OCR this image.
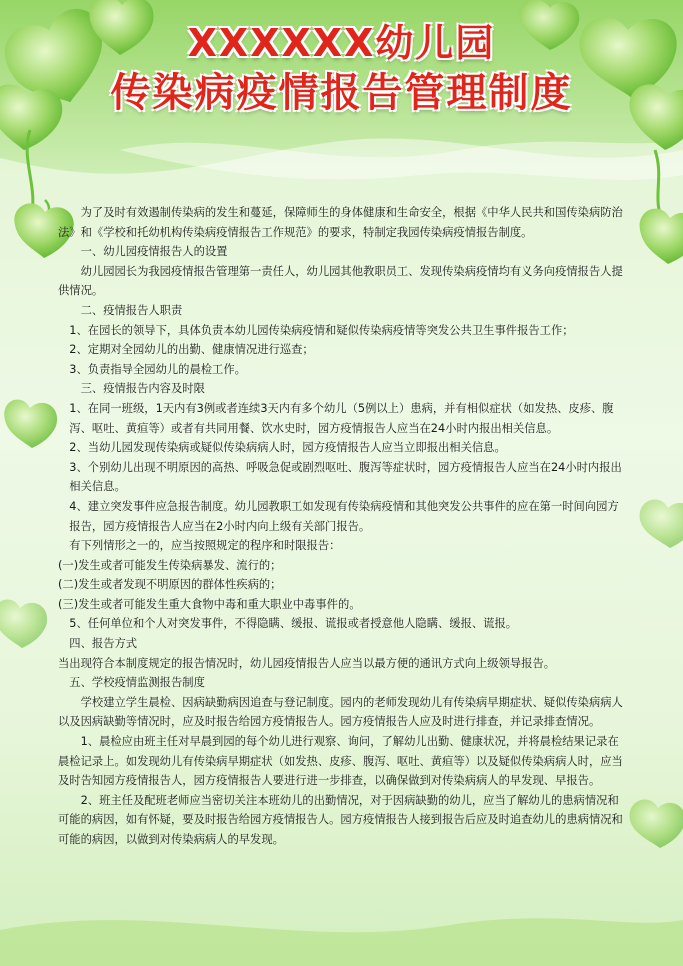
XXXXXX幼儿园
传染病疫情报告管理制度

为了及时有效遏制传染病的发生和蔓延，保障师生的身体健康和生命安全，根据《中华人民共和国传染病防治法》和《学校和托幼机构传染病疫情报告工作规范》的要求，特制定我园传染病疫情报告制度。

一、幼儿园疫情报告人的设置

幼儿园园长为我园疫情报告管理第一责任人，幼儿园其他教职员工、发现传染病疫情均有义务向疫情报告人提供情况。

二、疫情报告人职责

1、在园长的领导下，具体负责本幼儿园传染病疫情和疑似传染病疫情等突发公共卫生事件报告工作；

2、定期对全园幼儿的出勤、健康情况进行巡查；

3、负责指导全园幼儿的晨检工作。

三、疫情报告内容及时限

1、在同一班级，1天内有3例或者连续3天内有多个幼儿（5例以上）患病，并有相似症状（如发热、皮疹、腹泻、呕吐、黄疸等）或者有共同用餐、饮水史时，园方疫情报告人应当在24小时内报出相关信息。

2、当幼儿园发现传染病或疑似传染病病人时，园方疫情报告人应当立即报出相关信息。

3、个别幼儿出现不明原因的高热、呼吸急促或剧烈呕吐、腹泻等症状时，园方疫情报告人应当在24小时内报出相关信息。

4、建立突发事件应急报告制度。幼儿园教职工如发现有传染病疫情和其他突发公共事件的应在第一时间向园方报告，园方疫情报告人应当在2小时内向上级有关部门报告。

有下列情形之一的，应当按照规定的程序和时限报告：

(一)发生或者可能发生传染病暴发、流行的；

(二)发生或者发现不明原因的群体性疾病的；

(三)发生或者可能发生重大食物中毒和重大职业中毒事件的。

5、任何单位和个人对突发事件，不得隐瞒、缓报、谎报或者授意他人隐瞒、缓报、谎报。

四、报告方式

当出现符合本制度规定的报告情况时，幼儿园疫情报告人应当以最方便的通讯方式向上级领导报告。

五、学校疫情监测报告制度

学校建立学生晨检、因病缺勤病因追查与登记制度。园内的老师发现幼儿有传染病早期症状、疑似传染病病人以及因病缺勤等情况时，应及时报告给园方疫情报告人。园方疫情报告人应及时进行排查，并记录排查情况。

1、晨检应由班主任对早晨到园的每个幼儿进行观察、询问，了解幼儿出勤、健康状况，并将晨检结果记录在晨检记录上。如发现幼儿有传染病早期症状（如发热、皮疹、腹泻、呕吐、黄疸等）以及疑似传染病病人时，应当及时告知园方疫情报告人，园方疫情报告人要进行进一步排查，以确保做到对传染病病人的早发现、早报告。

2、班主任及配班老师应当密切关注本班幼儿的出勤情况，对于因病缺勤的幼儿，应当了解幼儿的患病情况和可能的病因，如有怀疑，要及时报告给园方疫情报告人。园方疫情报告人接到报告后应及时追查幼儿的患病情况和可能的病因，以做到对传染病病人的早发现。
